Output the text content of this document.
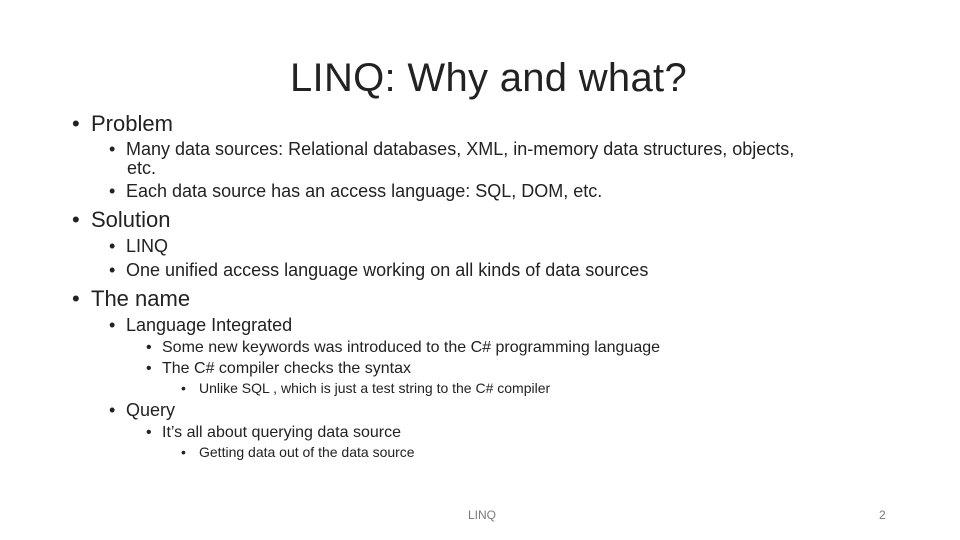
LINQ: Why and what?
• Problem
• Many data sources: Relational databases, XML, in-memory data structures, objects,
etc.
• Each data source has an access language: SQL, DOM, etc.
• Solution
• LINQ
• One unified access language working on all kinds of data sources
• The name
• Language Integrated
• Some new keywords was introduced to the C# programming language
• The C# compiler checks the syntax
• Unlike SQL , which is just a test string to the C# compiler
• Query
• It’s all about querying data source
• Getting data out of the data source
LINQ	2
